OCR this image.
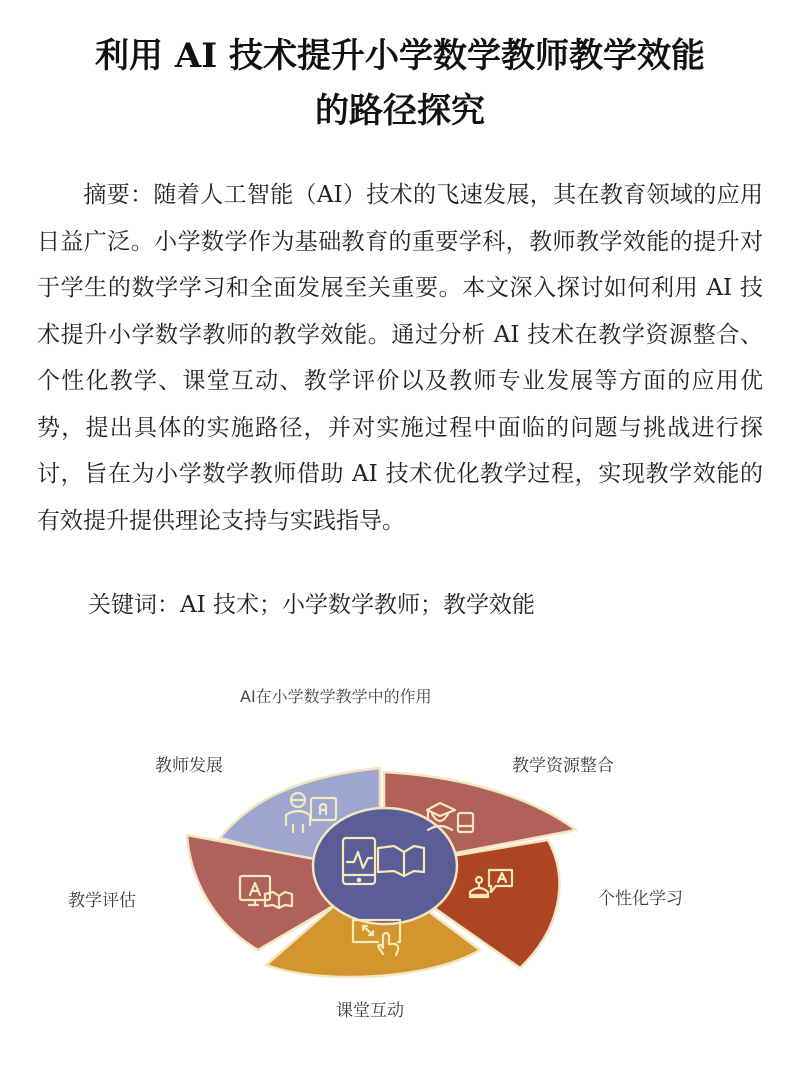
利用 AI 技术提升小学数学教师教学效能
的路径探究
摘要：随着人工智能（AI）技术的飞速发展，其在教育领域的应用日益广泛。小学数学作为基础教育的重要学科，教师教学效能的提升对于学生的数学学习和全面发展至关重要。本文深入探讨如何利用 AI 技术提升小学数学教师的教学效能。通过分析 AI 技术在教学资源整合、个性化教学、课堂互动、教学评价以及教师专业发展等方面的应用优势，提出具体的实施路径，并对实施过程中面临的问题与挑战进行探讨，旨在为小学数学教师借助 AI 技术优化教学过程，实现教学效能的有效提升提供理论支持与实践指导。
关键词：AI 技术；小学数学教师；教学效能
AI在小学数学教学中的作用
教师发展	教学资源整合
个性化学习
课堂互动
教学评估
